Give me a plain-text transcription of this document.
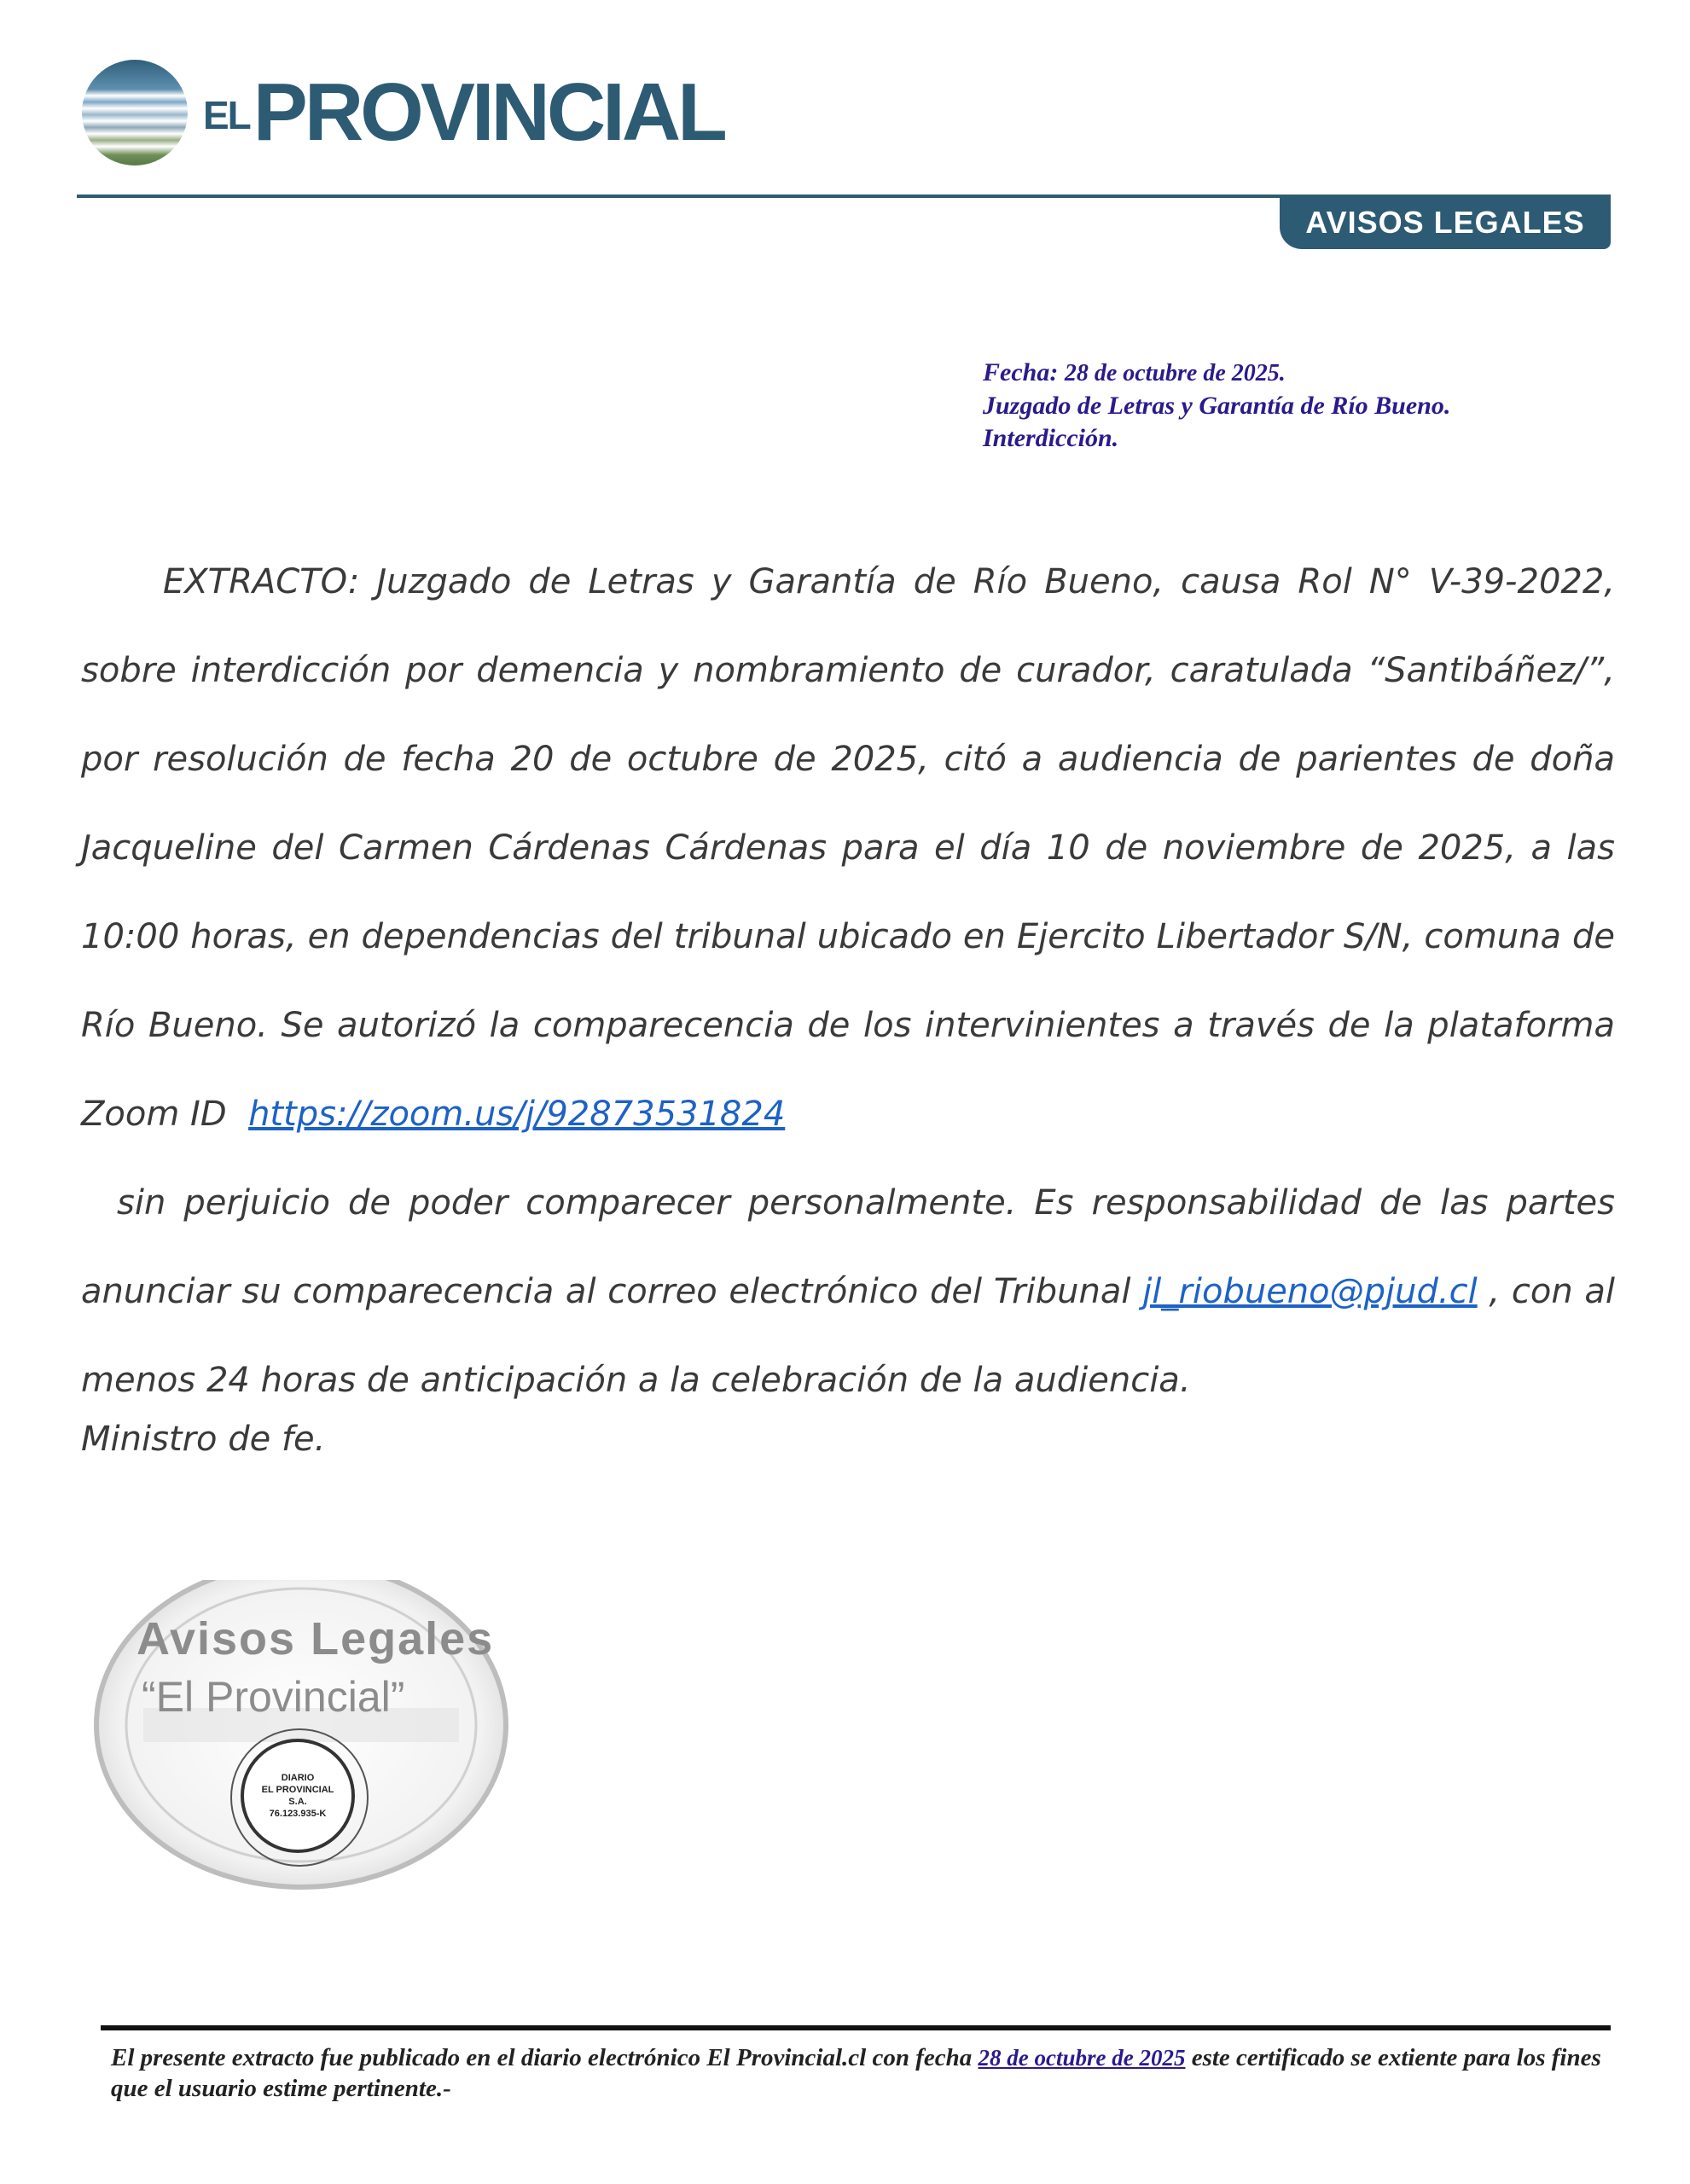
EL PROVINCIAL
AVISOS LEGALES
Fecha: 28 de octubre de 2025.
Juzgado de Letras y Garantía de Río Bueno.
Interdicción.

EXTRACTO: Juzgado de Letras y Garantía de Río Bueno, causa Rol N° V-39-2022, sobre interdicción por demencia y nombramiento de curador, caratulada “Santibáñez/”, por resolución de fecha 20 de octubre de 2025, citó a audiencia de parientes de doña Jacqueline del Carmen Cárdenas Cárdenas para el día 10 de noviembre de 2025, a las 10:00 horas, en dependencias del tribunal ubicado en Ejercito Libertador S/N, comuna de Río Bueno. Se autorizó la comparecencia de los intervinientes a través de la plataforma Zoom ID https://zoom.us/j/92873531824

sin perjuicio de poder comparecer personalmente. Es responsabilidad de las partes anunciar su comparecencia al correo electrónico del Tribunal jl_riobueno@pjud.cl , con al menos 24 horas de anticipación a la celebración de la audiencia.

Ministro de fe.
Avisos Legales
“El Provincial”
DIARIO
EL PROVINCIAL
S.A.
76.123.935-K
El presente extracto fue publicado en el diario electrónico El Provincial.cl con fecha 28 de octubre de 2025 este certificado se extiente para los fines que el usuario estime pertinente.-
